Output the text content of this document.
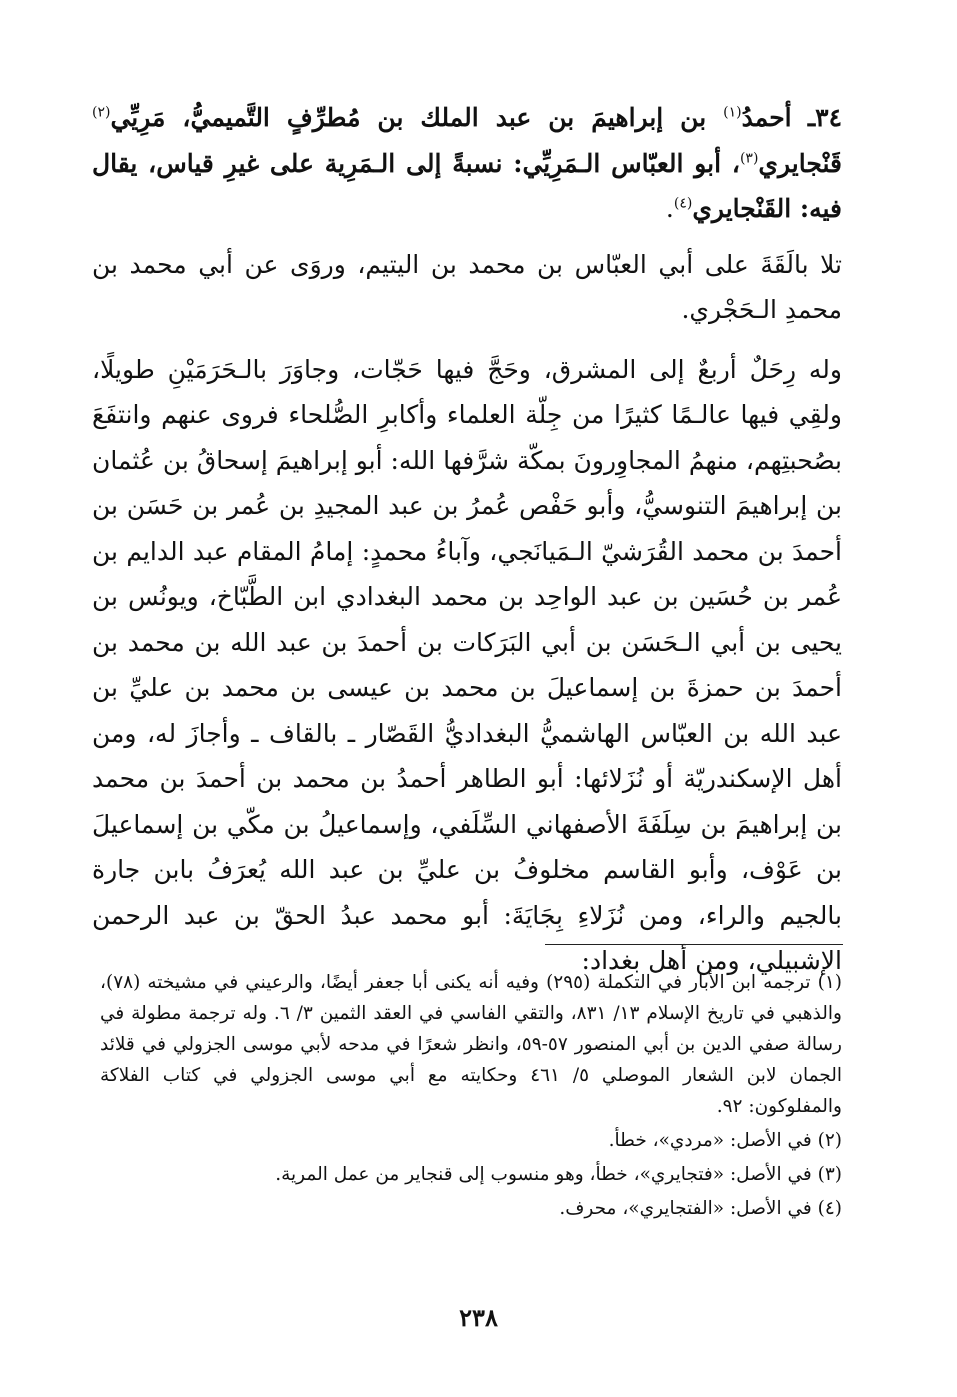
٣٤ـ أحمدُ$^{(١)}$ بن إبراهيمَ بن عبد الملك بن مُطرِّفٍ التَّميميُّ، مَرِيِّي$^{(٢)}$ قَنْجايري$^{(٣)}$، أبو العبّاس الـمَرِيِّي: نسبةً إلى الـمَرِية على غيرِ قياس، يقال فيه: القَنْجايري$^{(٤)}$.

تلا بالَقَةَ على أبي العبّاس بن محمد بن اليتيم، وروَى عن أبي محمد بن محمدِ الـحَجْري.

وله رِحَلٌ أربعٌ إلى المشرق، وحَجَّ فيها حَجّات، وجاوَرَ بالـحَرَمَيْنِ طويلًا، ولقِي فيها عالـمًا كثيرًا من جِلّة العلماء وأكابرِ الصُّلحاء فروى عنهم وانتفَعَ بصُحبتِهم، منهمُ المجاوِرونَ بمكّة شرَّفها الله: أبو إبراهيمَ إسحاقُ بن عُثمان بن إبراهيمَ التنوسيُّ، وأبو حَفْص عُمرُ بن عبد المجيدِ بن عُمر بن حَسَن بن أحمدَ بن محمد القُرَشيّ الـمَيانَجي، وآباءُ محمدٍ: إمامُ المقام عبد الدايم بن عُمر بن حُسَين بن عبد الواحِد بن محمد البغدادي ابن الطَّبّاخ، ويونُس بن يحيى بن أبي الـحَسَن بن أبي البَرَكات بن أحمدَ بن عبد الله بن محمد بن أحمدَ بن حمزةَ بن إسماعيلَ بن محمد بن عيسى بن محمد بن عليِّ بن عبد الله بن العبّاس الهاشميُّ البغداديُّ القَصّار ـ بالقاف ـ وأجازَ له، ومن أهل الإسكندريّة أو نُزَلائها: أبو الطاهر أحمدُ بن محمد بن أحمدَ بن محمد بن إبراهيمَ بن سِلَفَةَ الأصفهاني السِّلَفي، وإسماعيلُ بن مكّي بن إسماعيلَ بن عَوْف، وأبو القاسم مخلوفُ بن عليِّ بن عبد الله يُعرَفُ بابن جارة بالجيم والراء، ومن نُزَلاءِ بِجَايَةَ: أبو محمد عبدُ الحقّ بن عبد الرحمن الإشبيلي، ومن أهل بغداد:

(١) ترجمه ابن الأبار في التكملة (٢٩٥) وفيه أنه يكنى أبا جعفر أيضًا، والرعيني في مشيخته (٧٨)، والذهبي في تاريخ الإسلام ١٣/ ٨٣١، والتقي الفاسي في العقد الثمين ٣/ ٦. وله ترجمة مطولة في رسالة صفي الدين بن أبي المنصور ٥٧-٥٩، وانظر شعرًا في مدحه لأبي موسى الجزولي في قلائد الجمان لابن الشعار الموصلي ٥/ ٤٦١ وحكايته مع أبي موسى الجزولي في كتاب الفلاكة والمفلوكون: ٩٢.

(٢) في الأصل: «مردي»، خطأ.

(٣) في الأصل: «فتجايري»، خطأ، وهو منسوب إلى قنجاير من عمل المرية.

(٤) في الأصل: «الفتجايري»، محرف.

٢٣٨
